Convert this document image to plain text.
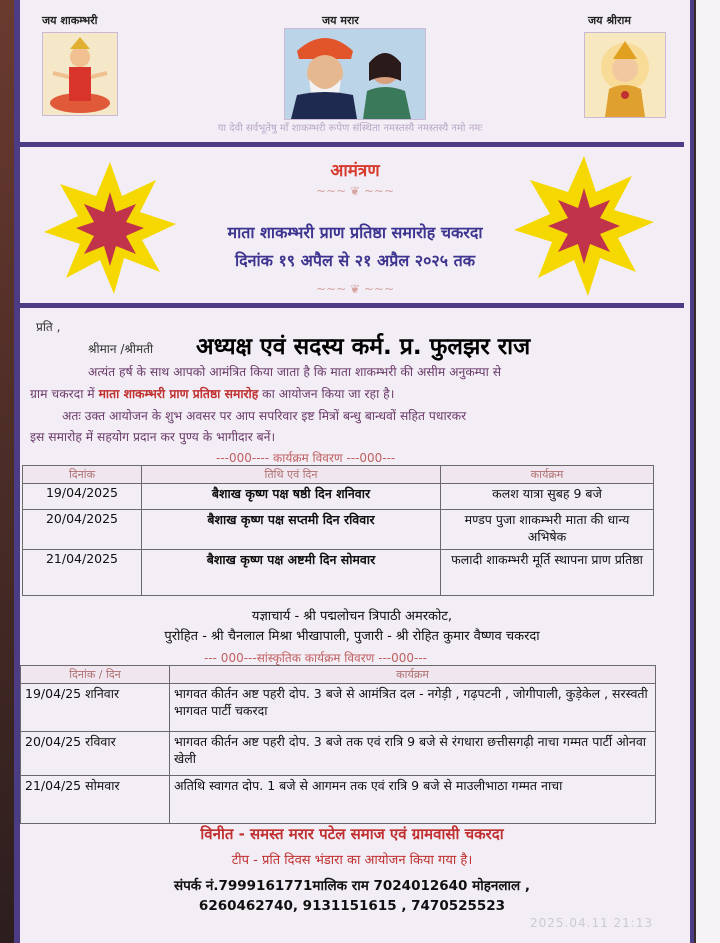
जय शाकम्भरी	जय मरार	जय श्रीराम
या देवी सर्वभूतेषु माँ शाकम्भरी रूपेण संस्थिता नमस्तस्यै नमस्तस्यै नमो नमः
आमंत्रण
~~~ ❦ ~~~
माता शाकम्भरी प्राण प्रतिष्ठा समारोह चकरदा
दिनांक १९ अपैल से २१ अप्रैल २०२५ तक
~~~ ❦ ~~~
प्रति ,
श्रीमान /श्रीमती अध्यक्ष एवं सदस्य कर्म. प्र. फुलझर राज
अत्यंत हर्ष के साथ आपको आमंत्रित किया जाता है कि माता शाकम्भरी की असीम अनुकम्पा से
ग्राम चकरदा में माता शाकम्भरी प्राण प्रतिष्ठा समारोह का आयोजन किया जा रहा है।
अतः उक्त आयोजन के शुभ अवसर पर आप सपरिवार इष्ट मित्रों बन्धु बान्धवों सहित पधारकर
इस समारोह में सहयोग प्रदान कर पुण्य के भागीदार बनें।
---000---- कार्यक्रम विवरण ---000---
दिनांक	तिथि एवं दिन	कार्यक्रम
19/04/2025	बैशाख कृष्ण पक्ष षष्ठी दिन शनिवार	कलश यात्रा सुबह 9 बजे
20/04/2025	बैशाख कृष्ण पक्ष सप्तमी दिन रविवार	मण्डप पुजा शाकम्भरी माता की धान्य अभिषेक
21/04/2025	बैशाख कृष्ण पक्ष अष्टमी दिन सोमवार	फलादी शाकम्भरी मूर्ति स्थापना प्राण प्रतिष्ठा
यज्ञाचार्य - श्री पद्मलोचन त्रिपाठी अमरकोट,
पुरोहित - श्री चैनलाल मिश्रा भीखापाली, पुजारी - श्री रोहित कुमार वैष्णव चकरदा
--- 000---सांस्कृतिक कार्यक्रम विवरण ---000---
दिनांक / दिन	कार्यक्रम
19/04/25 शनिवार	भागवत कीर्तन अष्ट पहरी दोप. 3 बजे से आमंत्रित दल - नगेड़ी , गढ़पटनी , जोगीपाली, कुड़ेकेल , सरस्वती भागवत पार्टी चकरदा
20/04/25 रविवार	भागवत कीर्तन अष्ट पहरी दोप. 3 बजे तक एवं रात्रि 9 बजे से रंगधारा छत्तीसगढ़ी नाचा गम्मत पार्टी ओनवा खेली
21/04/25 सोमवार	अतिथि स्वागत दोप. 1 बजे से आगमन तक एवं रात्रि 9 बजे से माउलीभाठा गम्मत नाचा
विनीत - समस्त मरार पटेल समाज एवं ग्रामवासी चकरदा
टीप - प्रति दिवस भंडारा का आयोजन किया गया है।
संपर्क नं.7999161771मालिक राम 7024012640 मोहनलाल ,
6260462740, 9131151615 , 7470525523
2025.04.11 21:13
